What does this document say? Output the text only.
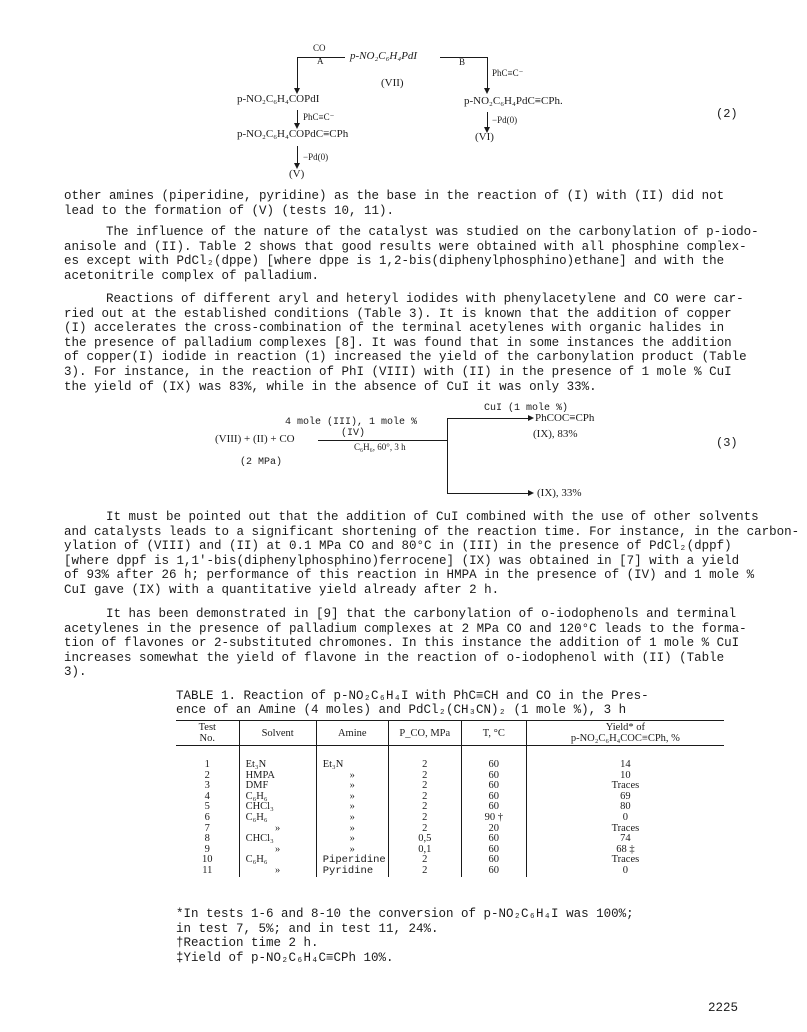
CO
A p-NO₂C₆H₄PdI	B
PhC≡C⁻
(VII)
p-NO₂C₆H₄COPdI	p-NO₂C₆H₄PdC≡CPh.
PhC≡C⁻	−Pd(0)
p-NO₂C₆H₄COPdC≡CPh	(VI)
−Pd(0)
(V)
(2)

other amines (piperidine, pyridine) as the base in the reaction of (I) with (II) did not
lead to the formation of (V) (tests 10, 11).

The influence of the nature of the catalyst was studied on the carbonylation of p-iodo-
anisole and (II). Table 2 shows that good results were obtained with all phosphine complex-
es except with PdCl₂(dppe) [where dppe is 1,2-bis(diphenylphosphino)ethane] and with the
acetonitrile complex of palladium.

Reactions of different aryl and heteryl iodides with phenylacetylene and CO were car-
ried out at the established conditions (Table 3). It is known that the addition of copper
(I) accelerates the cross-combination of the terminal acetylenes with organic halides in
the presence of palladium complexes [8]. It was found that in some instances the addition
of copper(I) iodide in reaction (1) increased the yield of the carbonylation product (Table
3). For instance, in the reaction of PhI (VIII) with (II) in the presence of 1 mole % CuI
the yield of (IX) was 83%, while in the absence of CuI it was only 33%.

CuI (1 mole %)
PhCOC≡CPh
4 mole (III), 1 mole %
(IV)	(IX), 83%
(VIII) + (II) + CO
C₆H₆, 60°, 3 h	(3)
(2 MPa)
(IX), 33%

It must be pointed out that the addition of CuI combined with the use of other solvents
and catalysts leads to a significant shortening of the reaction time. For instance, in the carbon-
ylation of (VIII) and (II) at 0.1 MPa CO and 80°C in (III) in the presence of PdCl₂(dppf)
[where dppf is 1,1'-bis(diphenylphosphino)ferrocene] (IX) was obtained in [7] with a yield
of 93% after 26 h; performance of this reaction in HMPA in the presence of (IV) and 1 mole %
CuI gave (IX) with a quantitative yield already after 2 h.

It has been demonstrated in [9] that the carbonylation of o-iodophenols and terminal
acetylenes in the presence of palladium complexes at 2 MPa CO and 120°C leads to the forma-
tion of flavones or 2-substituted chromones. In this instance the addition of 1 mole % CuI
increases somewhat the yield of flavone in the reaction of o-iodophenol with (II) (Table
3).

TABLE 1. Reaction of p-NO₂C₆H₄I with PhC≡CH and CO in the Pres-
ence of an Amine (4 moles) and PdCl₂(CH₃CN)₂ (1 mole %), 3 h
Test
No.	Solvent	Amine	P_CO, MPa	T, °C	Yield* of
p-NO₂C₆H₄COC≡CPh, %
1	Et₃N	Et₃N	2	60	14
2	HMPA	»	2	60	10
3	DMF	»	2	60	Traces
4	C₆H₆	»	2	60	69
5	CHCl₃	»	2	60	80
6	C₆H₆	»	2	90 †	0
7	»	»	2	20	Traces
8	CHCl₃	»	0,5	60	74
9	»	»	0,1	60	68 ‡
10	C₆H₆	Piperidine	2	60	Traces
11	»	Pyridine	2	60	0
*In tests 1-6 and 8-10 the conversion of p-NO₂C₆H₄I was 100%;
in test 7, 5%; and in test 11, 24%.
†Reaction time 2 h.
‡Yield of p-NO₂C₆H₄C≡CPh 10%.
2225
